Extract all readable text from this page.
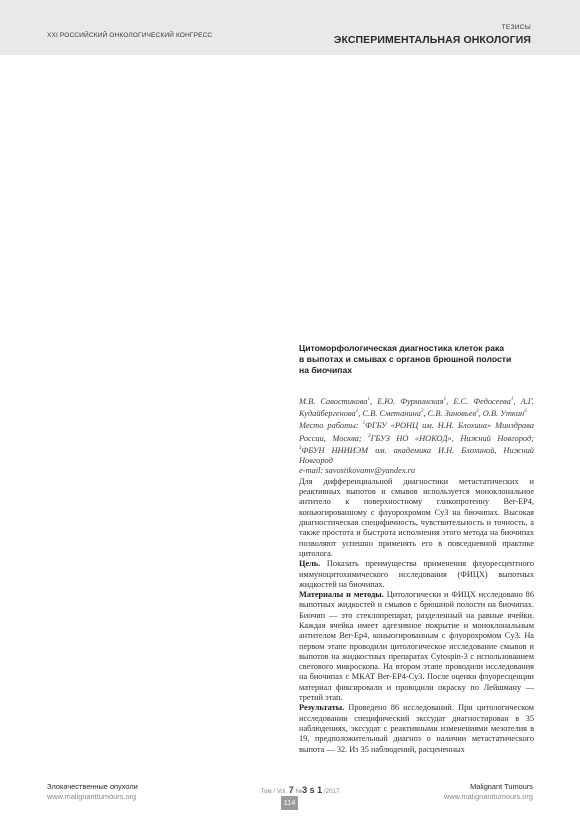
XXI РОССИЙСКИЙ ОНКОЛОГИЧЕСКИЙ КОНГРЕСС
ТЕЗИСЫ
ЭКСПЕРИМЕНТАЛЬНАЯ ОНКОЛОГИЯ
Цитоморфологическая диагностика клеток рака
в выпотах и смывах с органов брюшной полости
на биочипах
М.В. Савостикова$^1$, Е.Ю. Фурминская$^1$, Е.С. Федосеева$^1$, А.Г. Кудайбергенова$^1$, С.В. Сметанина$^2$, С.В. Зиновьев$^3$, О.В. Уткин$^3$
Место работы: $^1$ФГБУ «РОНЦ им. Н.Н. Блохина» Минздрава России, Москва; $^2$ГБУЗ НО «НОКОД», Нижний Новгород; $^3$ФБУН ННИИЭМ им. академика И.Н. Блохиной, Нижний Новгород
e-mail: savostikovamv@yandex.ru

Для дифференциальной диагностики метастатических и реактивных выпотов и смывов используется моноклональное антитело к поверхностному гликопротеину Ber-EP4, коньюгированному с флуорохромом Cy3 на биочипах. Высокая диагностическая специфичность, чувствительность и точность, а также простота и быстрота исполнения этого метода на биочипах позволяют успешно применять его в повседневной практике цитолога.

Цель. Показать преимущества применения флуоресцентного иммуноцитохимического исследования (ФИЦХ) выпотных жидкостей на биочипах.

Материалы и методы. Цитологически и ФИЦХ исследовано 86 выпотных жидкостей и смывов с брюшной полости на биочипах. Биочип — это стеклопрепарат, разделенный на равные ячейки. Каждая ячейка имеет адгезивное покрытие и моноклональным антителом Ber-Ep4, коньюгированным с флуорохромом Cy3. На первом этапе проводили цитологическое исследование смывов и выпотов на жидкостных препаратах Cytospin-3 с использованием светового микроскопа. На втором этапе проводили исследования на биочипах с МКАТ Ber-EP4-Cy3. После оценки флуоресценции материал фиксировали и проводили окраску по Лейшману — третий этап.

Результаты. Проведено 86 исследований. При цитологическом исследовании специфический экссудат диагностирован в 35 наблюдениях, экссудат с реактивными изменениями мезотелия в 19, предположительный диагноз о наличии метастатического выпота — 32. Из 35 наблюдений, расцененных

Злокачественные опухоли
www.malignanttumours.org
Том / Vol. 7 №3 s 1 /2017
114
Malignant Tumours
www.malignanttumours.org
